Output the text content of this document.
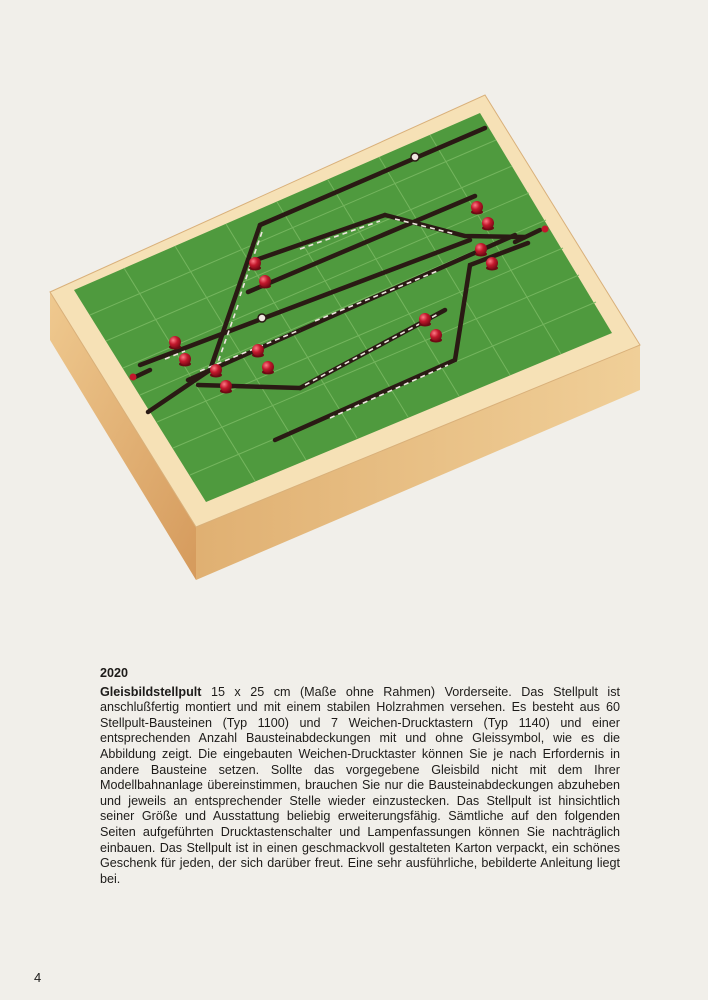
2020

Gleisbildstellpult 15 x 25 cm (Maße ohne Rahmen) Vorderseite. Das Stellpult ist anschlußfertig montiert und mit einem stabilen Holzrahmen versehen. Es besteht aus 60 Stellpult-Bausteinen (Typ 1100) und 7 Weichen-Drucktastern (Typ 1140) und einer entsprechenden Anzahl Bausteinabdeckungen mit und ohne Gleissymbol, wie es die Abbildung zeigt. Die eingebauten Weichen-Drucktaster können Sie je nach Erfordernis in andere Bausteine setzen. Sollte das vorgegebene Gleisbild nicht mit dem Ihrer Modellbahnanlage übereinstimmen, brauchen Sie nur die Bausteinabdeckungen abzuheben und jeweils an entsprechender Stelle wieder einzustecken. Das Stellpult ist hinsichtlich seiner Größe und Ausstattung beliebig erweiterungsfähig. Sämtliche auf den folgenden Seiten aufgeführten Drucktastenschalter und Lampenfassungen können Sie nachträglich einbauen. Das Stellpult ist in einen geschmackvoll gestalteten Karton verpackt, ein schönes Geschenk für jeden, der sich darüber freut. Eine sehr ausführliche, bebilderte Anleitung liegt bei.

4
